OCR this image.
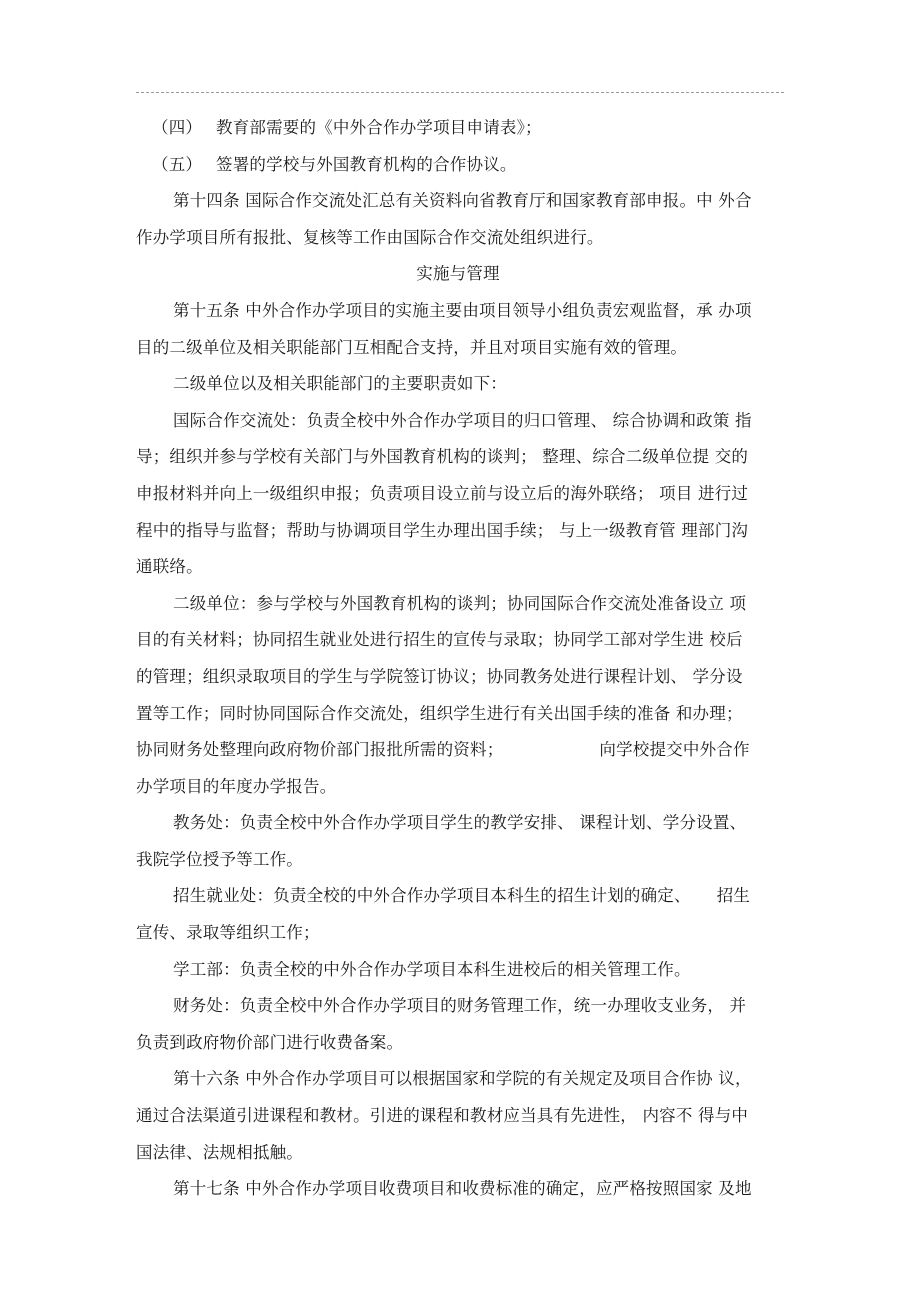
（四） 教育部需要的《中外合作办学项目申请表》；
（五） 签署的学校与外国教育机构的合作协议。
第十四条 国际合作交流处汇总有关资料向省教育厅和国家教育部申报。中 外合
作办学项目所有报批、复核等工作由国际合作交流处组织进行。
实施与管理
第十五条 中外合作办学项目的实施主要由项目领导小组负责宏观监督，承 办项
目的二级单位及相关职能部门互相配合支持，并且对项目实施有效的管理。
二级单位以及相关职能部门的主要职责如下：
国际合作交流处：负责全校中外合作办学项目的归口管理、 综合协调和政策 指
导；组织并参与学校有关部门与外国教育机构的谈判； 整理、综合二级单位提 交的
申报材料并向上一级组织申报；负责项目设立前与设立后的海外联络； 项目 进行过
程中的指导与监督；帮助与协调项目学生办理出国手续； 与上一级教育管 理部门沟
通联络。
二级单位：参与学校与外国教育机构的谈判；协同国际合作交流处准备设立 项
目的有关材料；协同招生就业处进行招生的宣传与录取；协同学工部对学生进 校后
的管理；组织录取项目的学生与学院签订协议；协同教务处进行课程计划、 学分设
置等工作；同时协同国际合作交流处，组织学生进行有关出国手续的准备 和办理；
协同财务处整理向政府物价部门报批所需的资料；	向学校提交中外合作
办学项目的年度办学报告。
教务处：负责全校中外合作办学项目学生的教学安排、 课程计划、学分设置、
我院学位授予等工作。
招生就业处：负责全校的中外合作办学项目本科生的招生计划的确定、 招生
宣传、录取等组织工作；
学工部：负责全校的中外合作办学项目本科生进校后的相关管理工作。
财务处：负责全校中外合作办学项目的财务管理工作，统一办理收支业务， 并
负责到政府物价部门进行收费备案。
第十六条 中外合作办学项目可以根据国家和学院的有关规定及项目合作协 议，
通过合法渠道引进课程和教材。引进的课程和教材应当具有先进性， 内容不 得与中
国法律、法规相抵触。
第十七条 中外合作办学项目收费项目和收费标准的确定，应严格按照国家 及地
